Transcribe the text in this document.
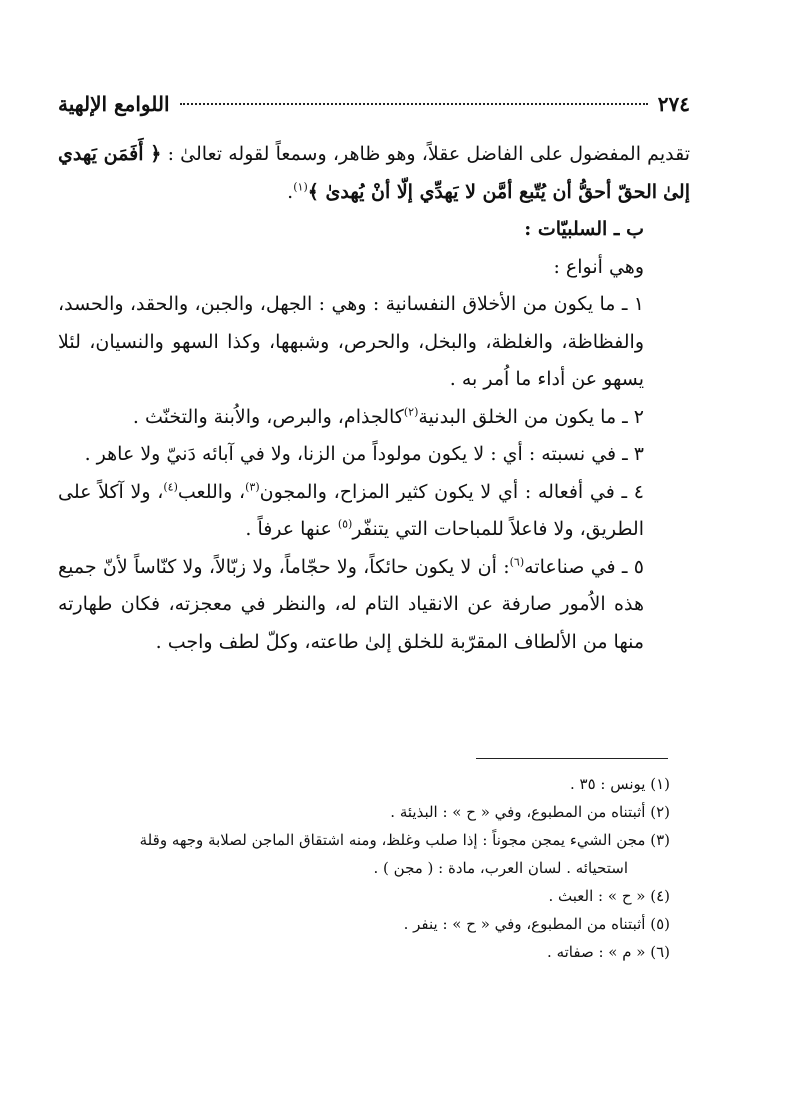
٢٧٤
اللوامع الإلهية

تقديم المفضول على الفاضل عقلاً، وهو ظاهر، وسمعاً لقوله تعالىٰ : ﴿ أَفَمَن يَهدي إلىٰ الحقّ أحقُّ أن يُتّبع أمَّن لا يَهدِّي إلّا أنْ يُهدىٰ ﴾$^{(١)}$.

ب ـ السلبيّات :

وهي أنواع :

١ ـ ما يكون من الأخلاق النفسانية : وهي : الجهل، والجبن، والحقد، والحسد، والفظاظة، والغلظة، والبخل، والحرص، وشبهها، وكذا السهو والنسيان، لئلا يسهو عن أداء ما اُمر به .

٢ ـ ما يكون من الخلق البدنية$^{(٢)}$كالجذام، والبرص، والاُبنة والتخنّث .

٣ ـ في نسبته : أي : لا يكون مولوداً من الزنا، ولا في آبائه دَنيّ ولا عاهر .

٤ ـ في أفعاله : أي لا يكون كثير المزاح، والمجون$^{(٣)}$، واللعب$^{(٤)}$، ولا آكلاً على الطريق، ولا فاعلاً للمباحات التي يتنفّر$^{(٥)}$ عنها عرفاً .

٥ ـ في صناعاته$^{(٦)}$: أن لا يكون حائكاً، ولا حجّاماً، ولا زبّالاً، ولا كنّاساً لأنّ جميع هذه الاُمور صارفة عن الانقياد التام له، والنظر في معجزته، فكان طهارته منها من الألطاف المقرّبة للخلق إلىٰ طاعته، وكلّ لطف واجب .

(١) يونس : ٣٥ .

(٢) أثبتناه من المطبوع، وفي « ح » : البذيئة .

(٣) مجن الشيء يمجن مجوناً : إذا صلب وغلظ، ومنه اشتقاق الماجن لصلابة وجهه وقلة

استحيائه . لسان العرب، مادة : ( مجن ) .

(٤) « ح » : العبث .

(٥) أثبتناه من المطبوع، وفي « ح » : ينفر .

(٦) « م » : صفاته .
